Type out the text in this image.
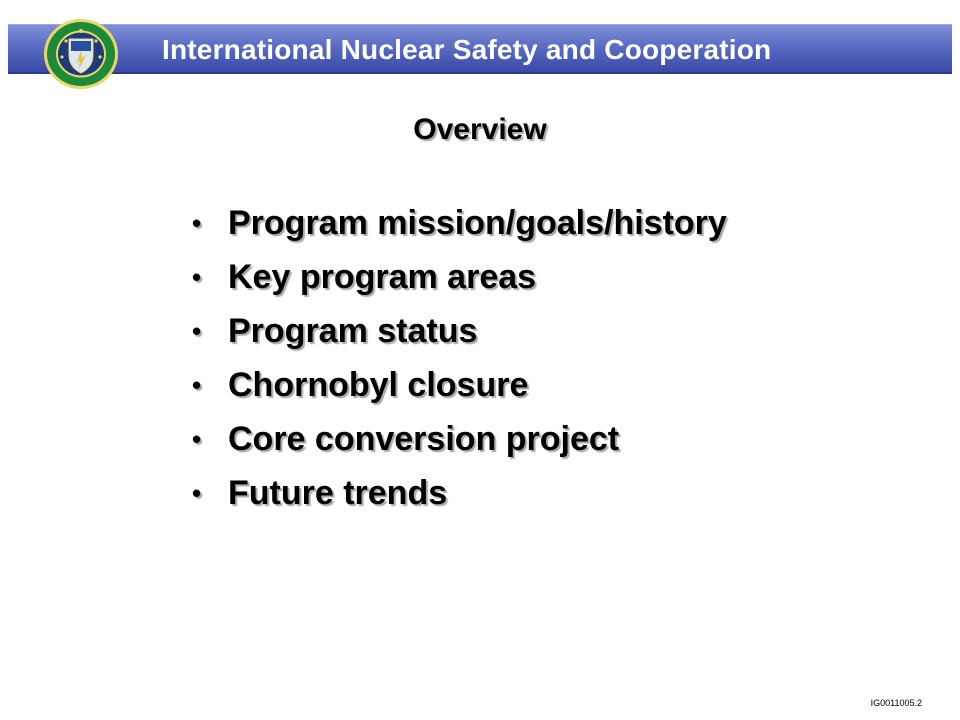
International Nuclear Safety and Cooperation
Overview
• Program mission/goals/history
• Key program areas
• Program status
• Chornobyl closure
• Core conversion project
• Future trends
IG0011005.2
